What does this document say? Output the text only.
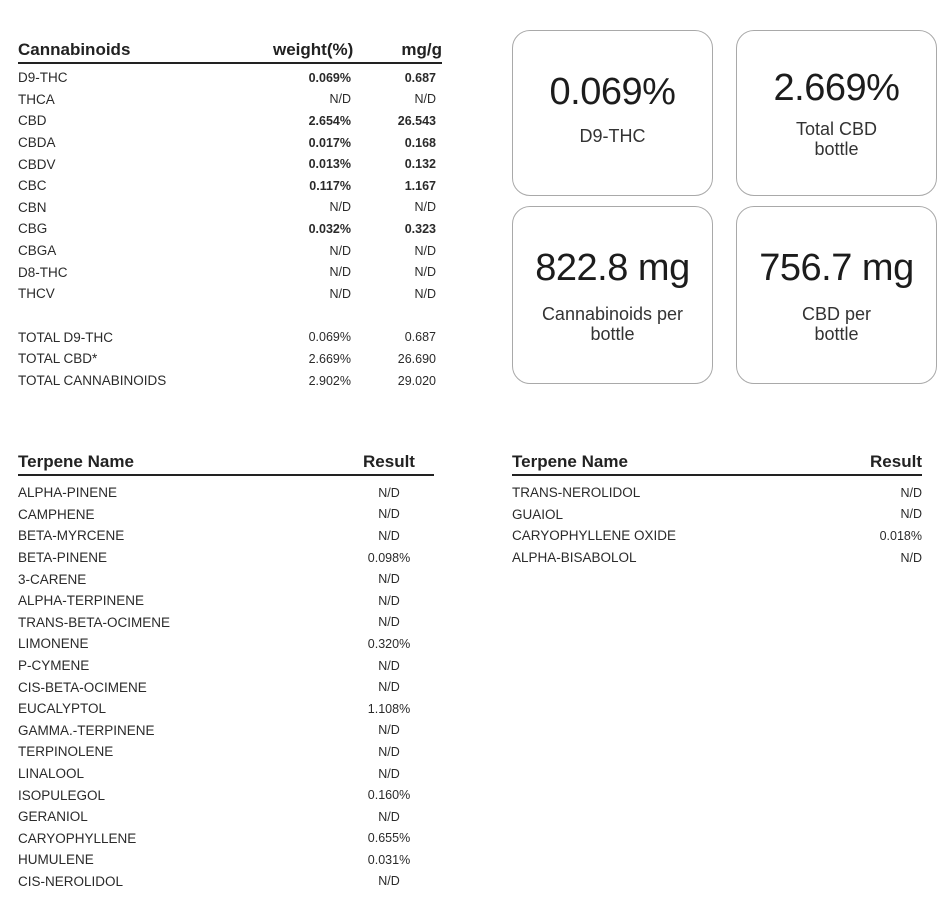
Cannabinoids	weight(%)	mg/g
D9-THC	0.069%	0.687
THCA	N/D	N/D
CBD	2.654%	26.543
CBDA	0.017%	0.168
CBDV	0.013%	0.132
CBC	0.117%	1.167
CBN	N/D	N/D
CBG	0.032%	0.323
CBGA	N/D	N/D
D8-THC	N/D	N/D
THCV	N/D	N/D
TOTAL D9-THC	0.069%	0.687
TOTAL CBD*	2.669%	26.690
TOTAL CANNABINOIDS	2.902%	29.020
0.069%
D9-THC
2.669%
Total CBD
bottle
822.8 mg
Cannabinoids per
bottle
756.7 mg
CBD per
bottle
Terpene Name	Result
ALPHA-PINENE	N/D
CAMPHENE	N/D
BETA-MYRCENE	N/D
BETA-PINENE	0.098%
3-CARENE	N/D
ALPHA-TERPINENE	N/D
TRANS-BETA-OCIMENE	N/D
LIMONENE	0.320%
P-CYMENE	N/D
CIS-BETA-OCIMENE	N/D
EUCALYPTOL	1.108%
GAMMA.-TERPINENE	N/D
TERPINOLENE	N/D
LINALOOL	N/D
ISOPULEGOL	0.160%
GERANIOL	N/D
CARYOPHYLLENE	0.655%
HUMULENE	0.031%
CIS-NEROLIDOL	N/D
Terpene Name	Result
TRANS-NEROLIDOL	N/D
GUAIOL	N/D
CARYOPHYLLENE OXIDE	0.018%
ALPHA-BISABOLOL	N/D
